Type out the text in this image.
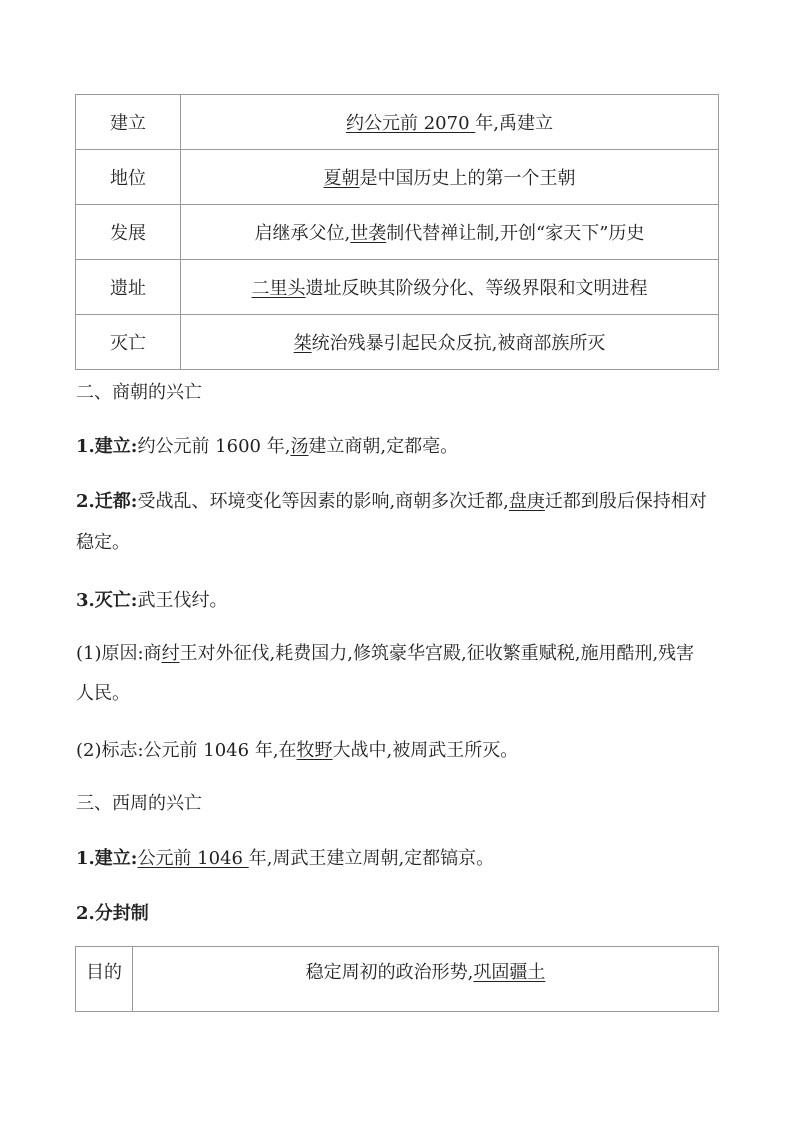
建立	约公元前 2070 年,禹建立
地位	夏朝是中国历史上的第一个王朝
发展	启继承父位,世袭制代替禅让制,开创“家天下”历史
遗址	二里头遗址反映其阶级分化、等级界限和文明进程
灭亡	桀统治残暴引起民众反抗,被商部族所灭
二、商朝的兴亡
1.建立:约公元前 1600 年,汤建立商朝,定都亳。
2.迁都:受战乱、环境变化等因素的影响,商朝多次迁都,盘庚迁都到殷后保持相对
稳定。
3.灭亡:武王伐纣。
(1)原因:商纣王对外征伐,耗费国力,修筑豪华宫殿,征收繁重赋税,施用酷刑,残害
人民。
(2)标志:公元前 1046 年,在牧野大战中,被周武王所灭。
三、西周的兴亡
1.建立:公元前 1046 年,周武王建立周朝,定都镐京。
2.分封制
目的	稳定周初的政治形势,巩固疆土
